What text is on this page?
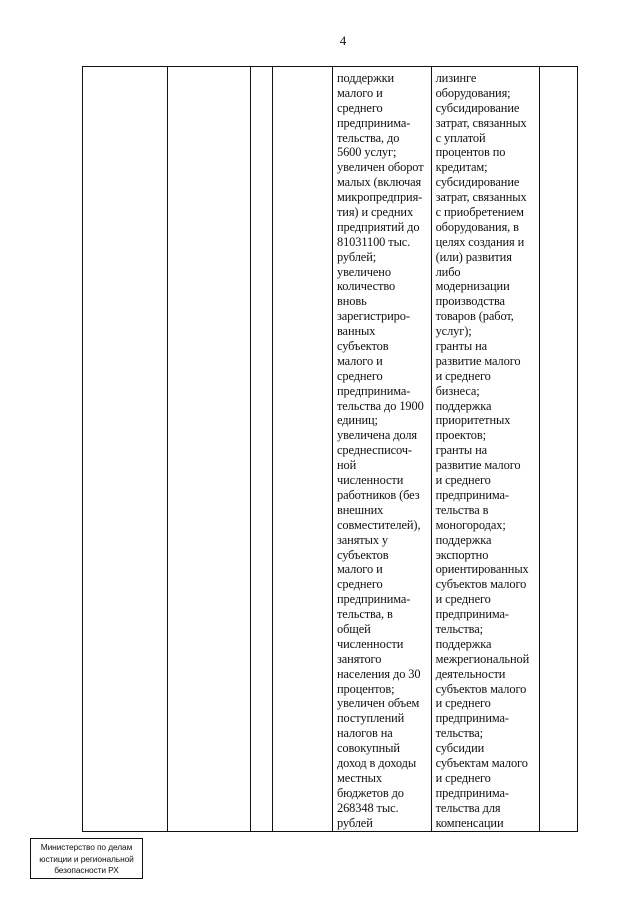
4
поддержки
малого и
среднего
предпринима-
тельства, до
5600 услуг;
увеличен оборот
малых (включая
микропредприя-
тия) и средних
предприятий до
81031100 тыс.
рублей;
увеличено
количество
вновь
зарегистриро-
ванных
субъектов
малого и
среднего
предпринима-
тельства до 1900
единиц;
увеличена доля
среднесписоч-
ной
численности
работников (без
внешних
совместителей),
занятых у
субъектов
малого и
среднего
предпринима-
тельства, в
общей
численности
занятого
населения до 30
процентов;
увеличен объем
поступлений
налогов на
совокупный
доход в доходы
местных
бюджетов до
268348 тыс.
рублей
лизинге
оборудования;
субсидирование
затрат, связанных
с уплатой
процентов по
кредитам;
субсидирование
затрат, связанных
с приобретением
оборудования, в
целях создания и
(или) развития
либо
модернизации
производства
товаров (работ,
услуг);
гранты на
развитие малого
и среднего
бизнеса;
поддержка
приоритетных
проектов;
гранты на
развитие малого
и среднего
предпринима-
тельства в
моногородах;
поддержка
экспортно
ориентированных
субъектов малого
и среднего
предпринима-
тельства;
поддержка
межрегиональной
деятельности
субъектов малого
и среднего
предпринима-
тельства;
субсидии
субъектам малого
и среднего
предпринима-
тельства для
компенсации
Министерство по делам
юстиции и региональной
безопасности РХ
